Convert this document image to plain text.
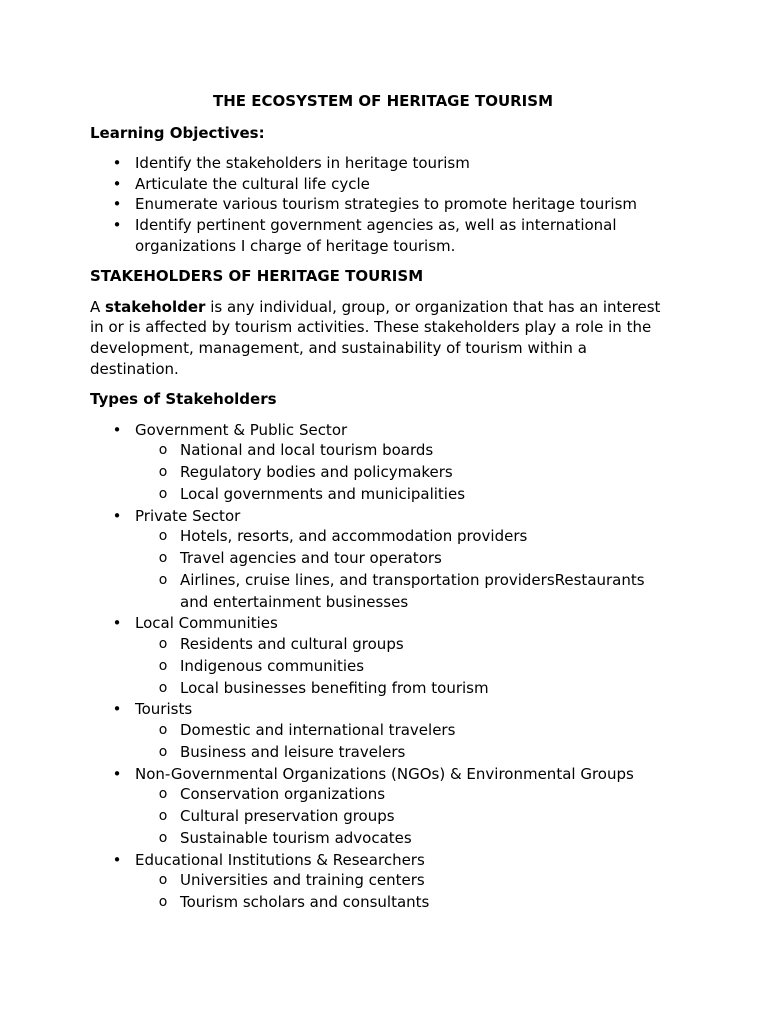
THE ECOSYSTEM OF HERITAGE TOURISM
Learning Objectives:
• Identify the stakeholders in heritage tourism
• Articulate the cultural life cycle
• Enumerate various tourism strategies to promote heritage tourism
• Identify pertinent government agencies as, well as international organizations I charge of heritage tourism.
STAKEHOLDERS OF HERITAGE TOURISM

A stakeholder is any individual, group, or organization that has an interest in or is affected by tourism activities. These stakeholders play a role in the development, management, and sustainability of tourism within a destination.

Types of Stakeholders
• Government & Public Sector
o National and local tourism boards
o Regulatory bodies and policymakers
o Local governments and municipalities
• Private Sector
o Hotels, resorts, and accommodation providers
o Travel agencies and tour operators
o Airlines, cruise lines, and transportation providersRestaurants and entertainment businesses
• Local Communities
o Residents and cultural groups
o Indigenous communities
o Local businesses benefiting from tourism
• Tourists
o Domestic and international travelers
o Business and leisure travelers
• Non-Governmental Organizations (NGOs) & Environmental Groups
o Conservation organizations
o Cultural preservation groups
o Sustainable tourism advocates
• Educational Institutions & Researchers
o Universities and training centers
o Tourism scholars and consultants
